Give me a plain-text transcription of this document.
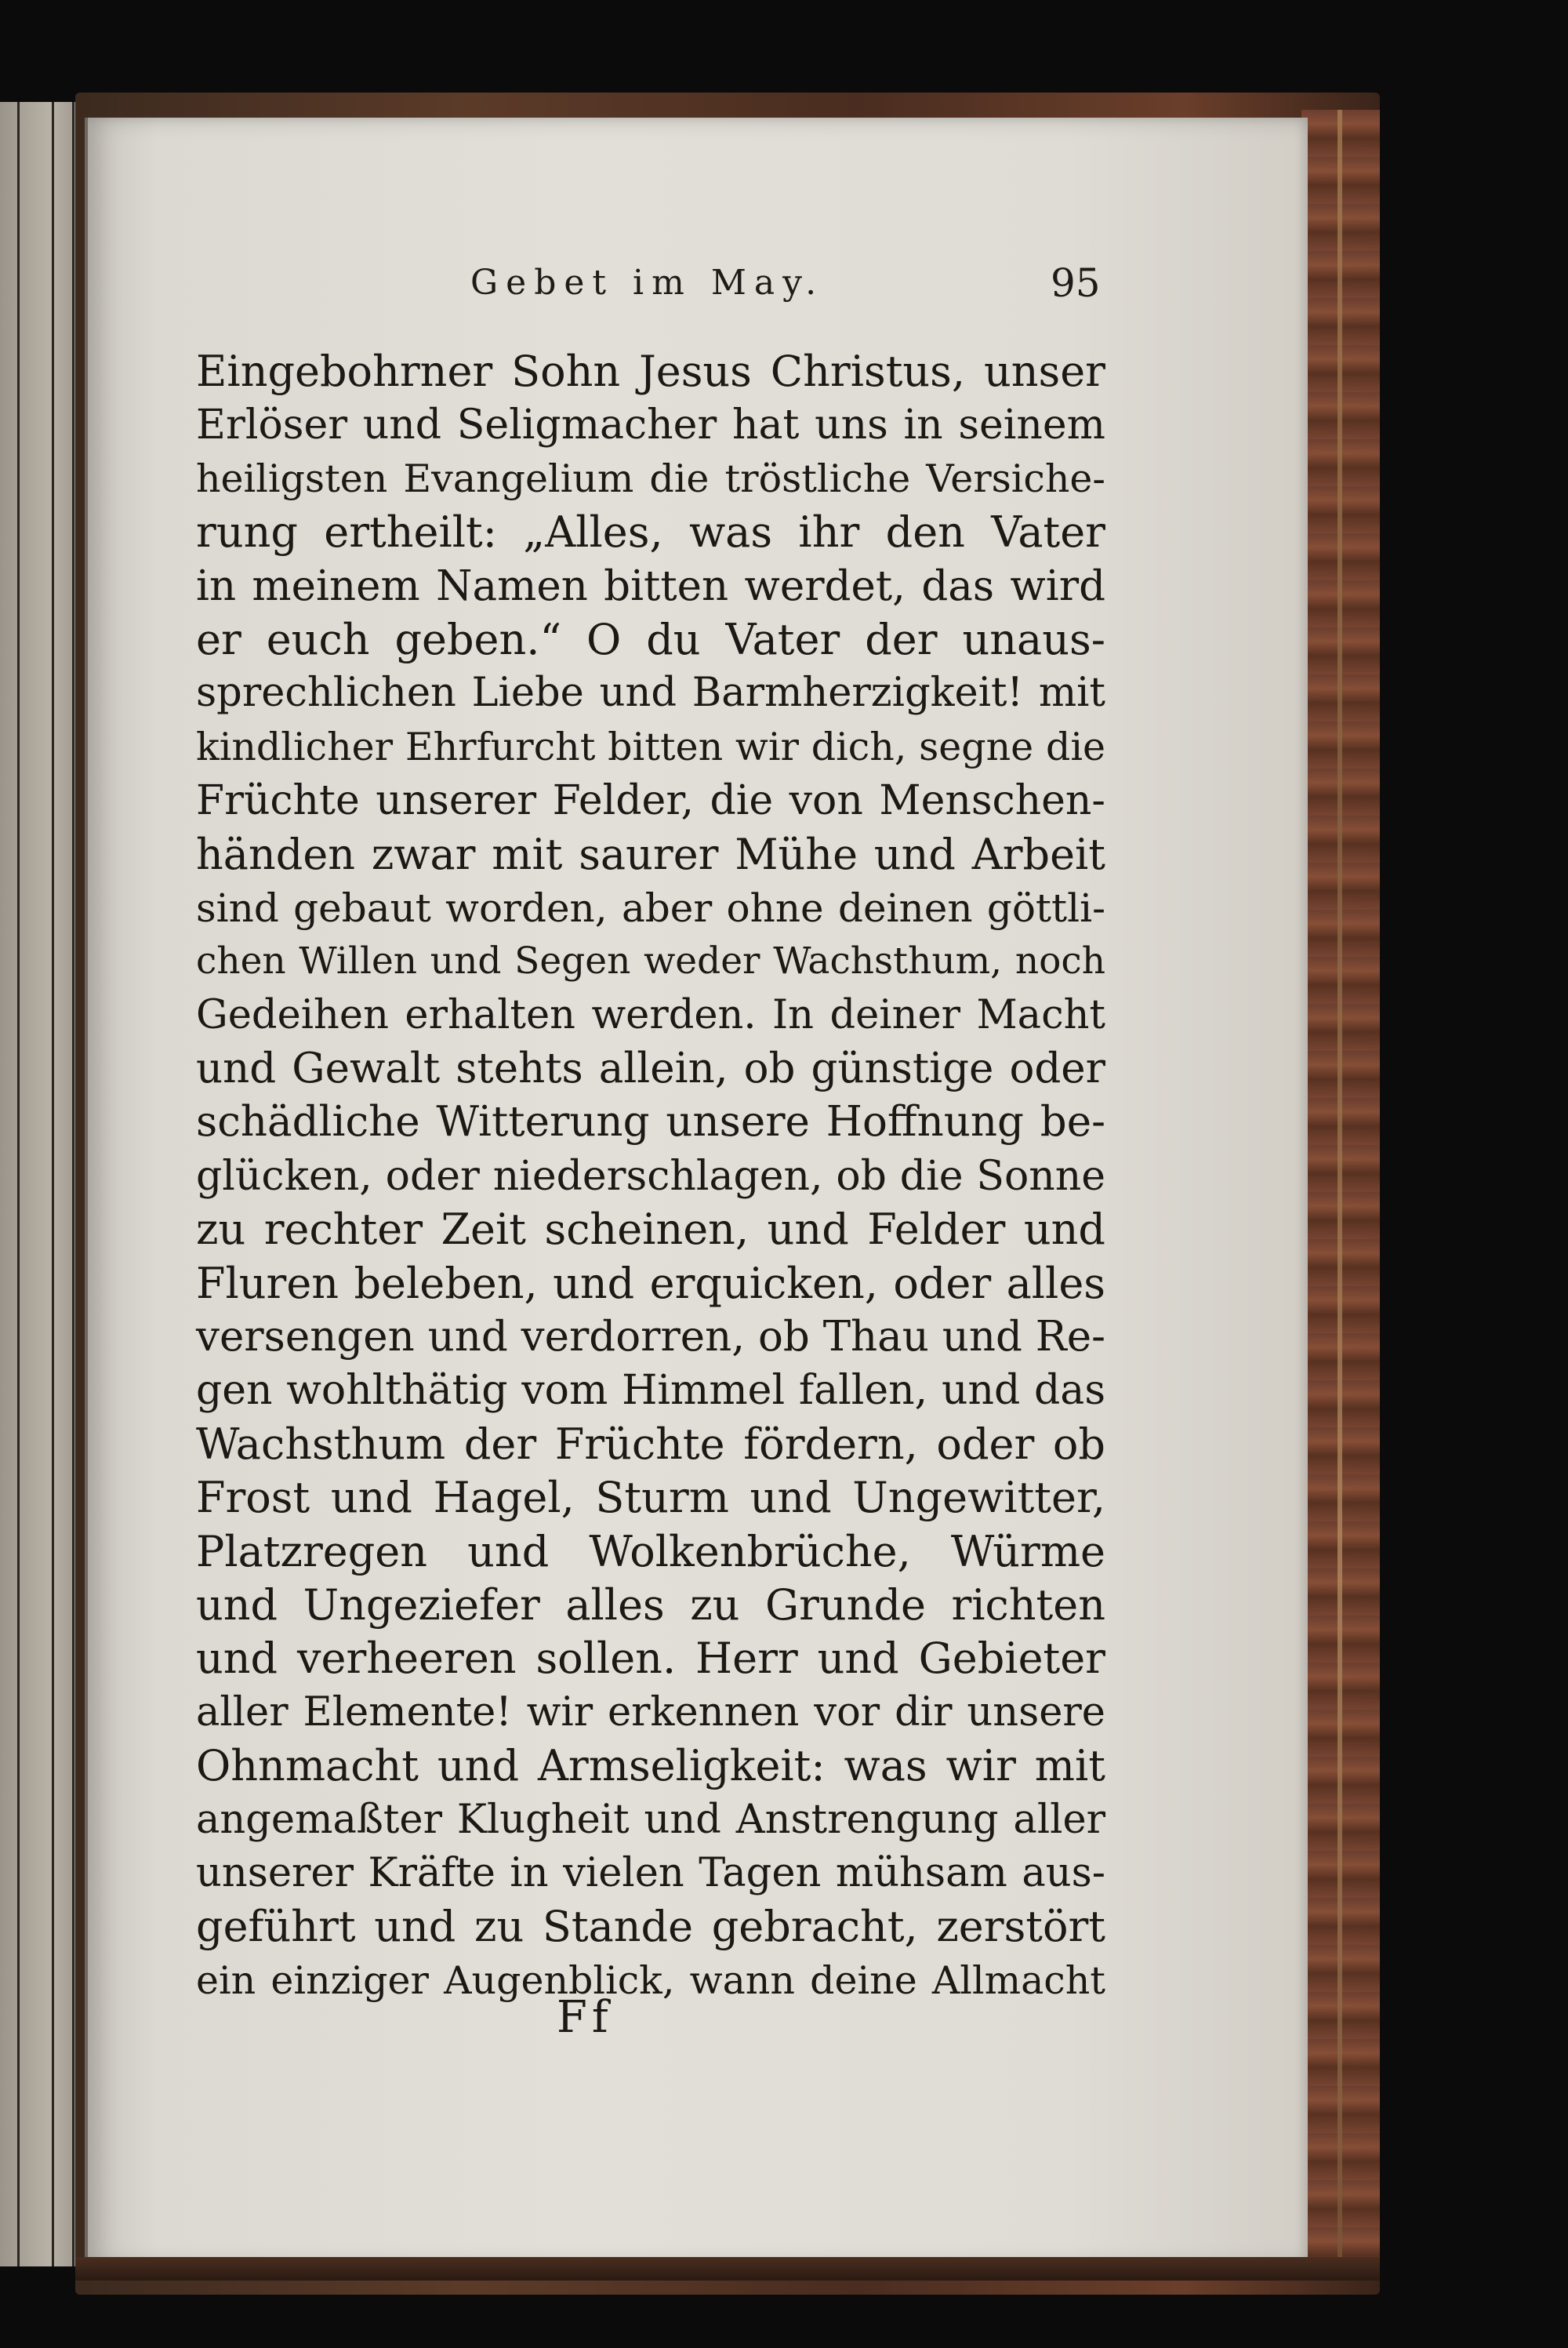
Gebet im May.	95
Eingebohrner Sohn Jesus Christus, unser
Erlöser und Seligmacher hat uns in seinem
heiligsten Evangelium die tröstliche Versiche-
rung ertheilt: „Alles, was ihr den Vater
in meinem Namen bitten werdet, das wird
er euch geben.“ O du Vater der unaus-
sprechlichen Liebe und Barmherzigkeit! mit
kindlicher Ehrfurcht bitten wir dich, segne die
Früchte unserer Felder, die von Menschen-
händen zwar mit saurer Mühe und Arbeit
sind gebaut worden, aber ohne deinen göttli-
chen Willen und Segen weder Wachsthum, noch
Gedeihen erhalten werden. In deiner Macht
und Gewalt stehts allein, ob günstige oder
schädliche Witterung unsere Hoffnung be-
glücken, oder niederschlagen, ob die Sonne
zu rechter Zeit scheinen, und Felder und
Fluren beleben, und erquicken, oder alles
versengen und verdorren, ob Thau und Re-
gen wohlthätig vom Himmel fallen, und das
Wachsthum der Früchte fördern, oder ob
Frost und Hagel, Sturm und Ungewitter,
Platzregen und Wolkenbrüche, Würme
und Ungeziefer alles zu Grunde richten
und verheeren sollen. Herr und Gebieter
aller Elemente! wir erkennen vor dir unsere
Ohnmacht und Armseligkeit: was wir mit
angemaßter Klugheit und Anstrengung aller
unserer Kräfte in vielen Tagen mühsam aus-
geführt und zu Stande gebracht, zerstört
ein einziger Augenblick, wann deine Allmacht
Ff
